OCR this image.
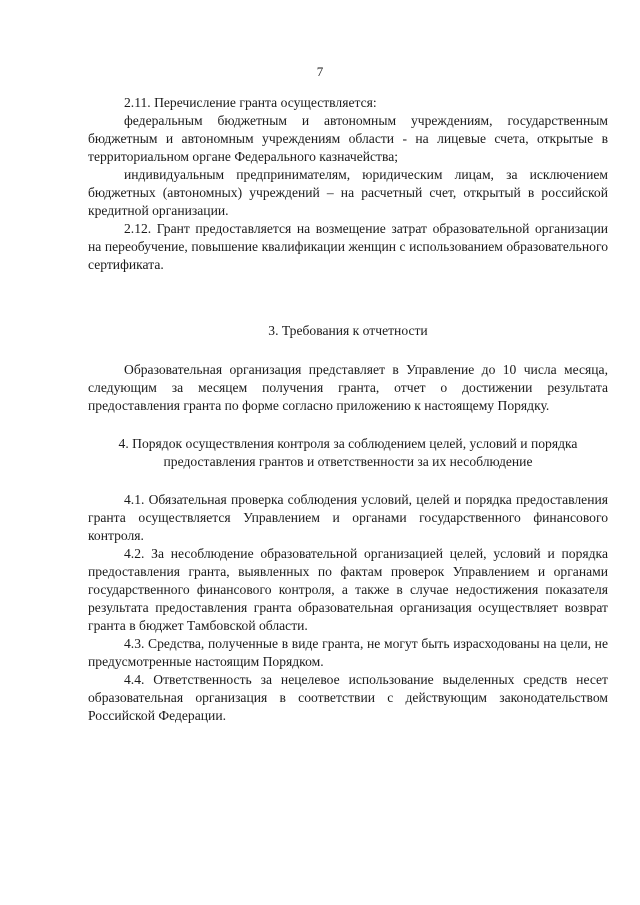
7

2.11. Перечисление гранта осуществляется:

федеральным бюджетным и автономным учреждениям, государственным бюджетным и автономным учреждениям области - на лицевые счета, открытые в территориальном органе Федерального казначейства;

индивидуальным предпринимателям, юридическим лицам, за исключением бюджетных (автономных) учреждений – на расчетный счет, открытый в российской кредитной организации.

2.12. Грант предоставляется на возмещение затрат образовательной организации на переобучение, повышение квалификации женщин с использованием образовательного сертификата.

3. Требования к отчетности

Образовательная организация представляет в Управление до 10 числа месяца, следующим за месяцем получения гранта, отчет о достижении результата предоставления гранта по форме согласно приложению к настоящему Порядку.

4. Порядок осуществления контроля за соблюдением целей, условий и порядка
предоставления грантов и ответственности за их несоблюдение

4.1. Обязательная проверка соблюдения условий, целей и порядка предоставления гранта осуществляется Управлением и органами государственного финансового контроля.

4.2. За несоблюдение образовательной организацией целей, условий и порядка предоставления гранта, выявленных по фактам проверок Управлением и органами государственного финансового контроля, а также в случае недостижения показателя результата предоставления гранта образовательная организация осуществляет возврат гранта в бюджет Тамбовской области.

4.3. Средства, полученные в виде гранта, не могут быть израсходованы на цели, не предусмотренные настоящим Порядком.

4.4. Ответственность за нецелевое использование выделенных средств несет образовательная организация в соответствии с действующим законодательством Российской Федерации.
